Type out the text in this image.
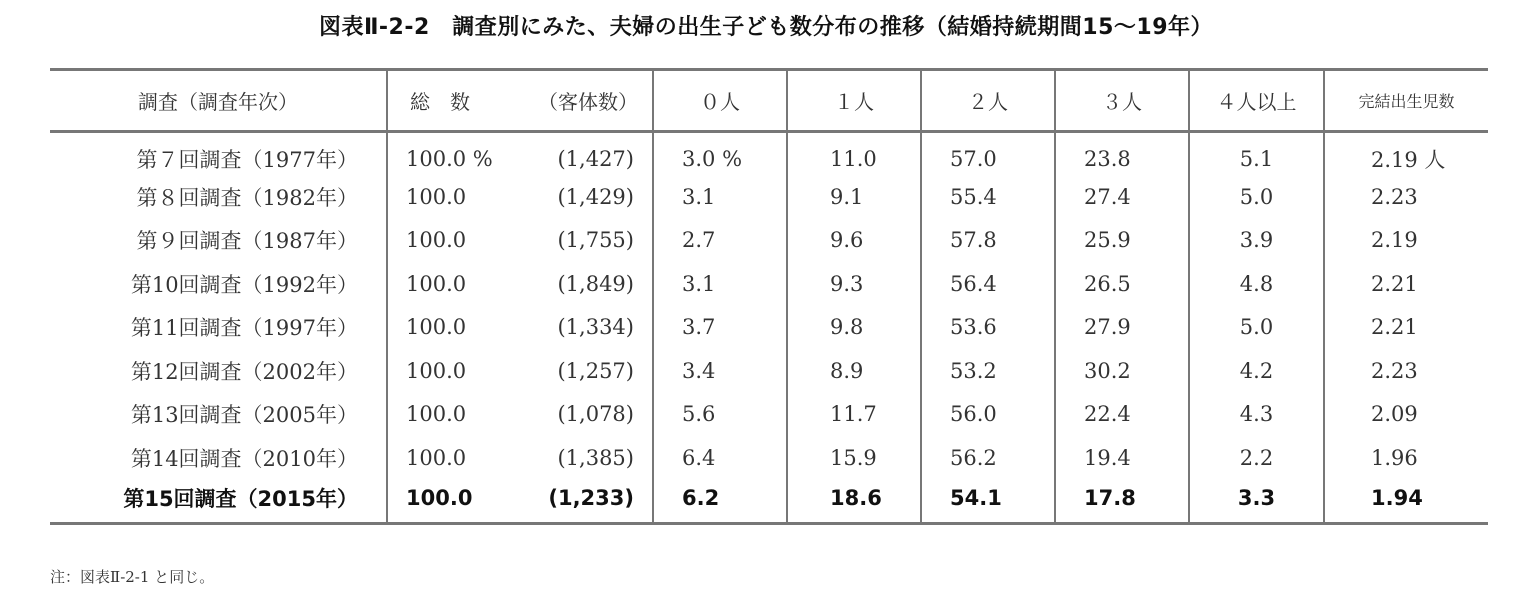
図表Ⅱ-2-2　調査別にみた、夫婦の出生子ども数分布の推移（結婚持続期間15～19年）
調査（調査年次）	総　数 （客体数）	０人	１人	２人	３人	４人以上	完結出生児数
第７回調査（1977年）	100.0 % (1,427)	3.0 %	11.0	57.0	23.8	5.1	2.19 人
第８回調査（1982年）	100.0 (1,429)	3.1	9.1	55.4	27.4	5.0	2.23
第９回調査（1987年）	100.0 (1,755)	2.7	9.6	57.8	25.9	3.9	2.19
第10回調査（1992年）	100.0 (1,849)	3.1	9.3	56.4	26.5	4.8	2.21
第11回調査（1997年）	100.0 (1,334)	3.7	9.8	53.6	27.9	5.0	2.21
第12回調査（2002年）	100.0 (1,257)	3.4	8.9	53.2	30.2	4.2	2.23
第13回調査（2005年）	100.0 (1,078)	5.6	11.7	56.0	22.4	4.3	2.09
第14回調査（2010年）	100.0 (1,385)	6.4	15.9	56.2	19.4	2.2	1.96
第15回調査（2015年）	100.0 (1,233)	6.2	18.6	54.1	17.8	3.3	1.94
注：図表Ⅱ-2-1 と同じ。
